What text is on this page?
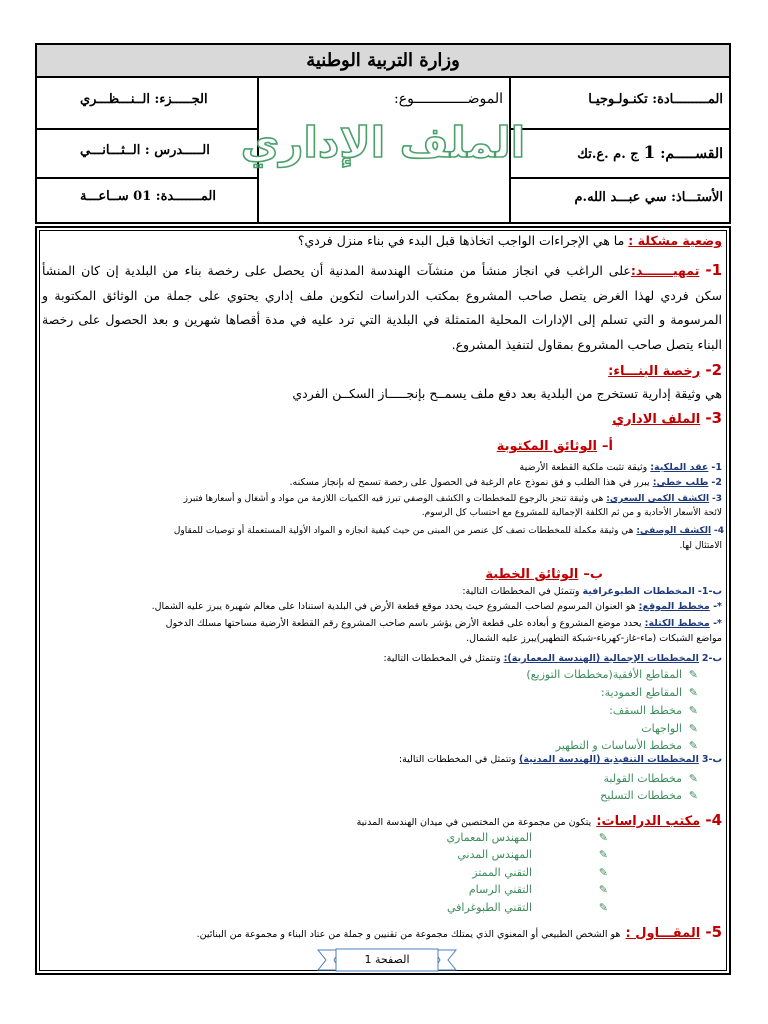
وزارة التربية الوطنية
المـــــــــادة: تكنـولـوجيـا
القســـــم: 1 ج .م .ع.تك
الأستـــاذ: سي عبـــد الله.م
الموضـــــــــــــوع:
الملف الإداري
الجـــــزء: الــنـــظـــري
الـــــدرس : الــثـــانـــي
المـــــــدة: 01 ســاعـــة
وضعية مشكلة : ما هي الإجراءات الواجب اتخاذها قبل البدء في بناء منزل فردي؟
1- تمهيـــــــد:على الراغب في انجاز منشأ من منشآت الهندسة المدنية أن يحصل على رخصة بناء من البلدية إن كان المنشأ
سكن فردي لهذا الغرض يتصل صاحب المشروع بمكتب الدراسات لتكوين ملف إداري يحتوي على جملة من الوثائق المكتوبة و
المرسومة و التي تسلم إلى الإدارات المحلية المتمثلة في البلدية التي ترد عليه في مدة أقصاها شهرين و بعد الحصول على رخصة
البناء يتصل صاحب المشروع بمقاول لتنفيذ المشروع.
2- رخصة البنـــاء:
هي وثيقة إدارية تستخرج من البلدية بعد دفع ملف يسمــح بإنجـــــاز السكــن الفردي
3- الملف الاداري
أ– الوثائق المكتوبة
1- عقد الملكية: وثيقة تثبت ملكية القطعة الأرضية
2- طلب خطي: يبرر في هذا الطلب و فق نموذج عام الرغبة في الحصول على رخصة تسمح له بإنجاز مسكنه.
3- الكشف الكمي السعري: هي وثيقة تنجز بالرجوع للمخططات و الكشف الوصفي تبرز فيه الكميات اللازمة من مواد و أشغال و أسعارها فتبرز
لائحة الأسعار الأحادية و من ثم الكلفة الإجمالية للمشروع مع احتساب كل الرسوم.
4- الكشف الوصفي: هي وثيقة مكملة للمخططات تصف كل عنصر من المبنى من حيث كيفية انجازه و المواد الأولية المستعملة أو توصيات للمقاول
الامتثال لها.
ب– الوثائق الخطية
ب-1- المخططات الطبوغرافية وتتمثل في المخططات التالية:
*- مخطط الموقع: هو العنوان المرسوم لصاحب المشروع حيث يحدد موقع قطعة الأرض في البلدية استنادا على معالم شهيرة يبرز عليه الشمال.
*- مخطط الكتلة: يحدد موضع المشروع و أبعاده على قطعة الأرض يؤشر باسم صاحب المشروع رقم القطعة الأرضية مساحتها مسلك الدخول
مواضع الشبكات (ماء-غاز-كهرباء-شبكة التطهير)يبرز عليه الشمال.
ب-2 المخططات الإجمالية (الهندسة المعمارية): وتتمثل في المخططات التالية:
✎المقاطع الأفقية(مخططات التوزيع)
✎المقاطع العمودية:
✎مخطط السقف:
✎الواجهات
✎مخطط الأساسات و التطهير
ب-3 المخططات التنفيذية (الهندسة المدنية) وتتمثل في المخططات التالية:
✎مخططات القولبة
✎مخططات التسليح
4- مكتب الدراسات: يتكون من مجموعة من المختصين في ميدان الهندسة المدنية
✎المهندس المعماري
✎المهندس المدني
✎التقني الممتز
✎التقني الرسام
✎التقني الطبوغرافي
5- المقـــاول : هو الشخص الطبيعي أو المعنوي الذي يمتلك مجموعة من تقنيين و جملة من عتاد البناء و مجموعة من البنائين.
الصفحة 1
